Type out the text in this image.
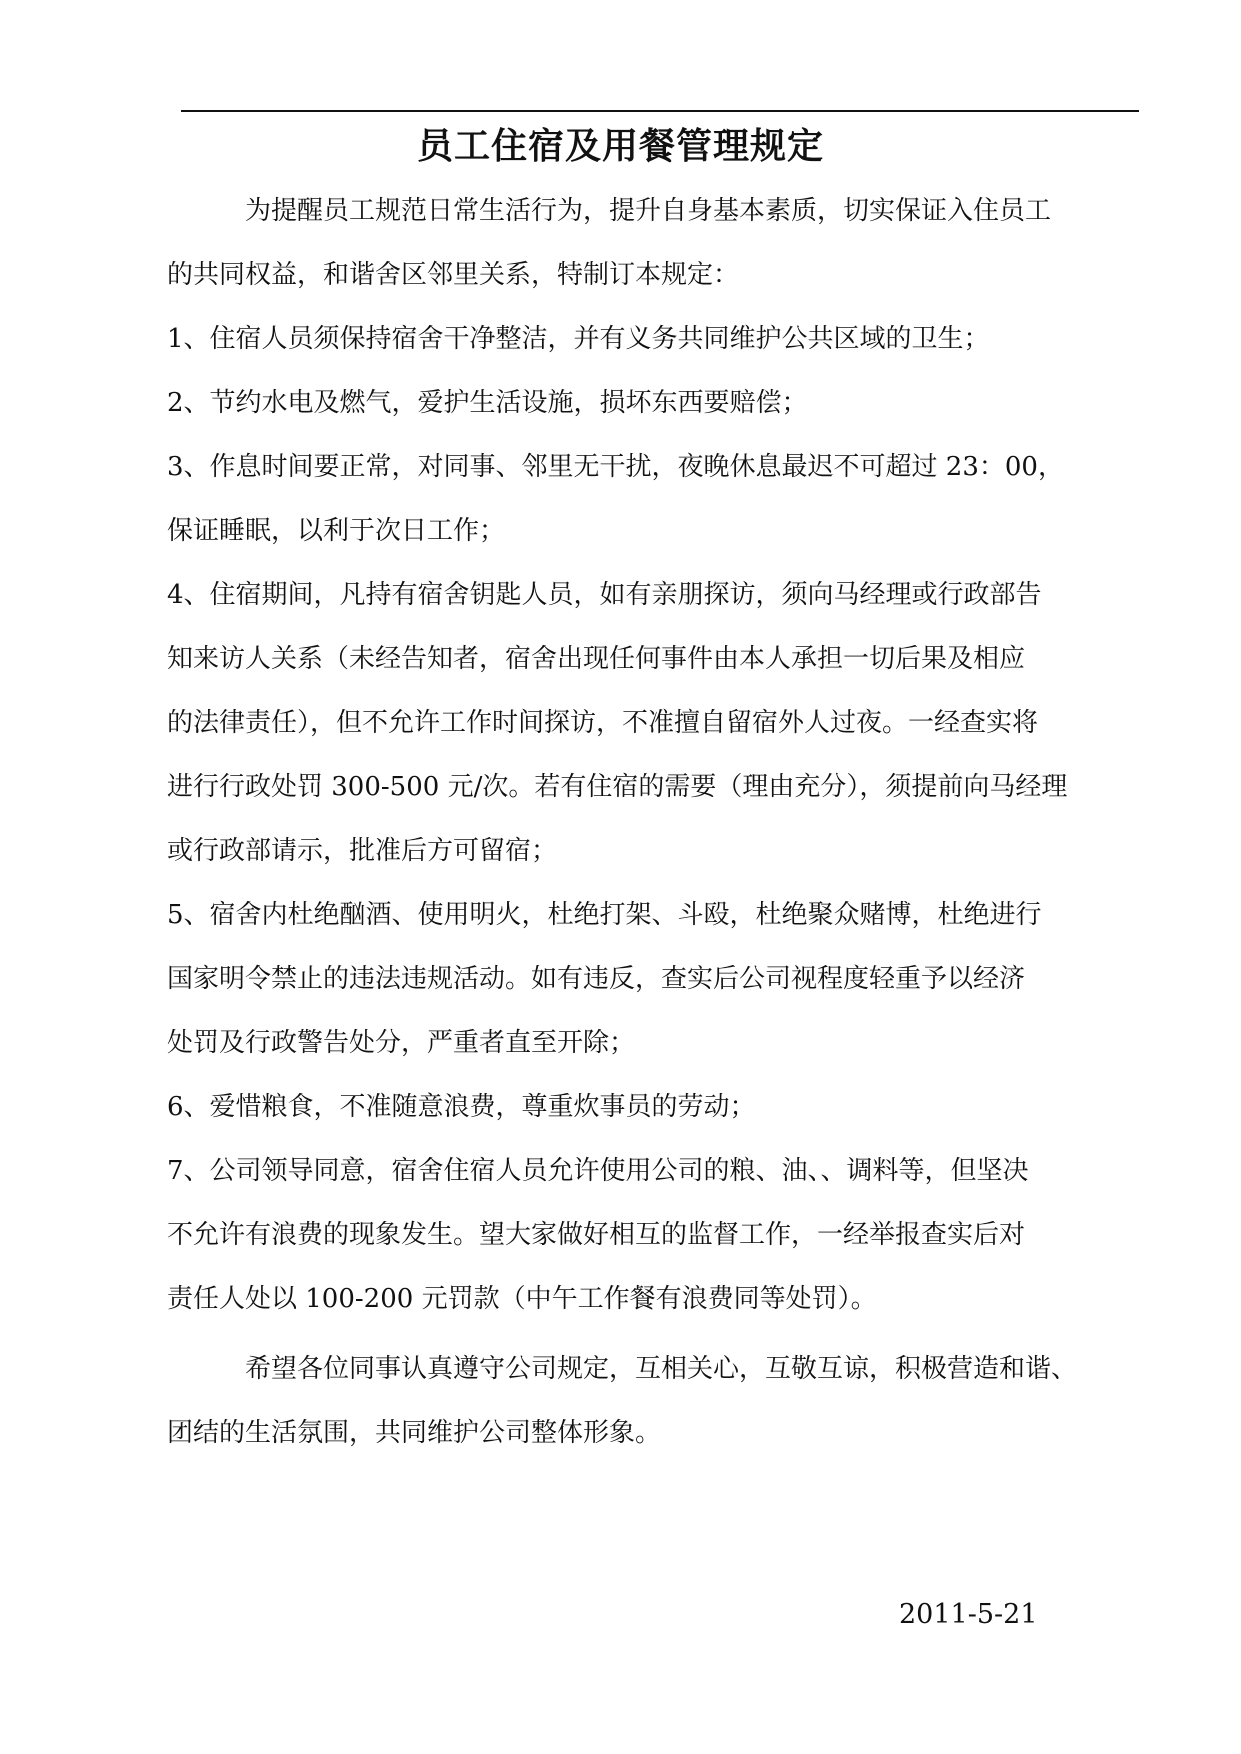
员工住宿及用餐管理规定
为提醒员工规范日常生活行为，提升自身基本素质，切实保证入住员工
的共同权益，和谐舍区邻里关系，特制订本规定：
1、住宿人员须保持宿舍干净整洁，并有义务共同维护公共区域的卫生；
2、节约水电及燃气，爱护生活设施，损坏东西要赔偿；
3、作息时间要正常，对同事、邻里无干扰，夜晚休息最迟不可超过 23：00，
保证睡眠，以利于次日工作；
4、住宿期间，凡持有宿舍钥匙人员，如有亲朋探访，须向马经理或行政部告
知来访人关系（未经告知者，宿舍出现任何事件由本人承担一切后果及相应
的法律责任），但不允许工作时间探访，不准擅自留宿外人过夜。一经查实将
进行行政处罚 300-500 元/次。若有住宿的需要（理由充分），须提前向马经理
或行政部请示，批准后方可留宿；
5、宿舍内杜绝酗酒、使用明火，杜绝打架、斗殴，杜绝聚众赌博，杜绝进行
国家明令禁止的违法违规活动。如有违反，查实后公司视程度轻重予以经济
处罚及行政警告处分，严重者直至开除；
6、爱惜粮食，不准随意浪费，尊重炊事员的劳动；
7、公司领导同意，宿舍住宿人员允许使用公司的粮、油、、调料等，但坚决
不允许有浪费的现象发生。望大家做好相互的监督工作，一经举报查实后对
责任人处以 100-200 元罚款（中午工作餐有浪费同等处罚）。
希望各位同事认真遵守公司规定，互相关心，互敬互谅，积极营造和谐、
团结的生活氛围，共同维护公司整体形象。
2011-5-21
